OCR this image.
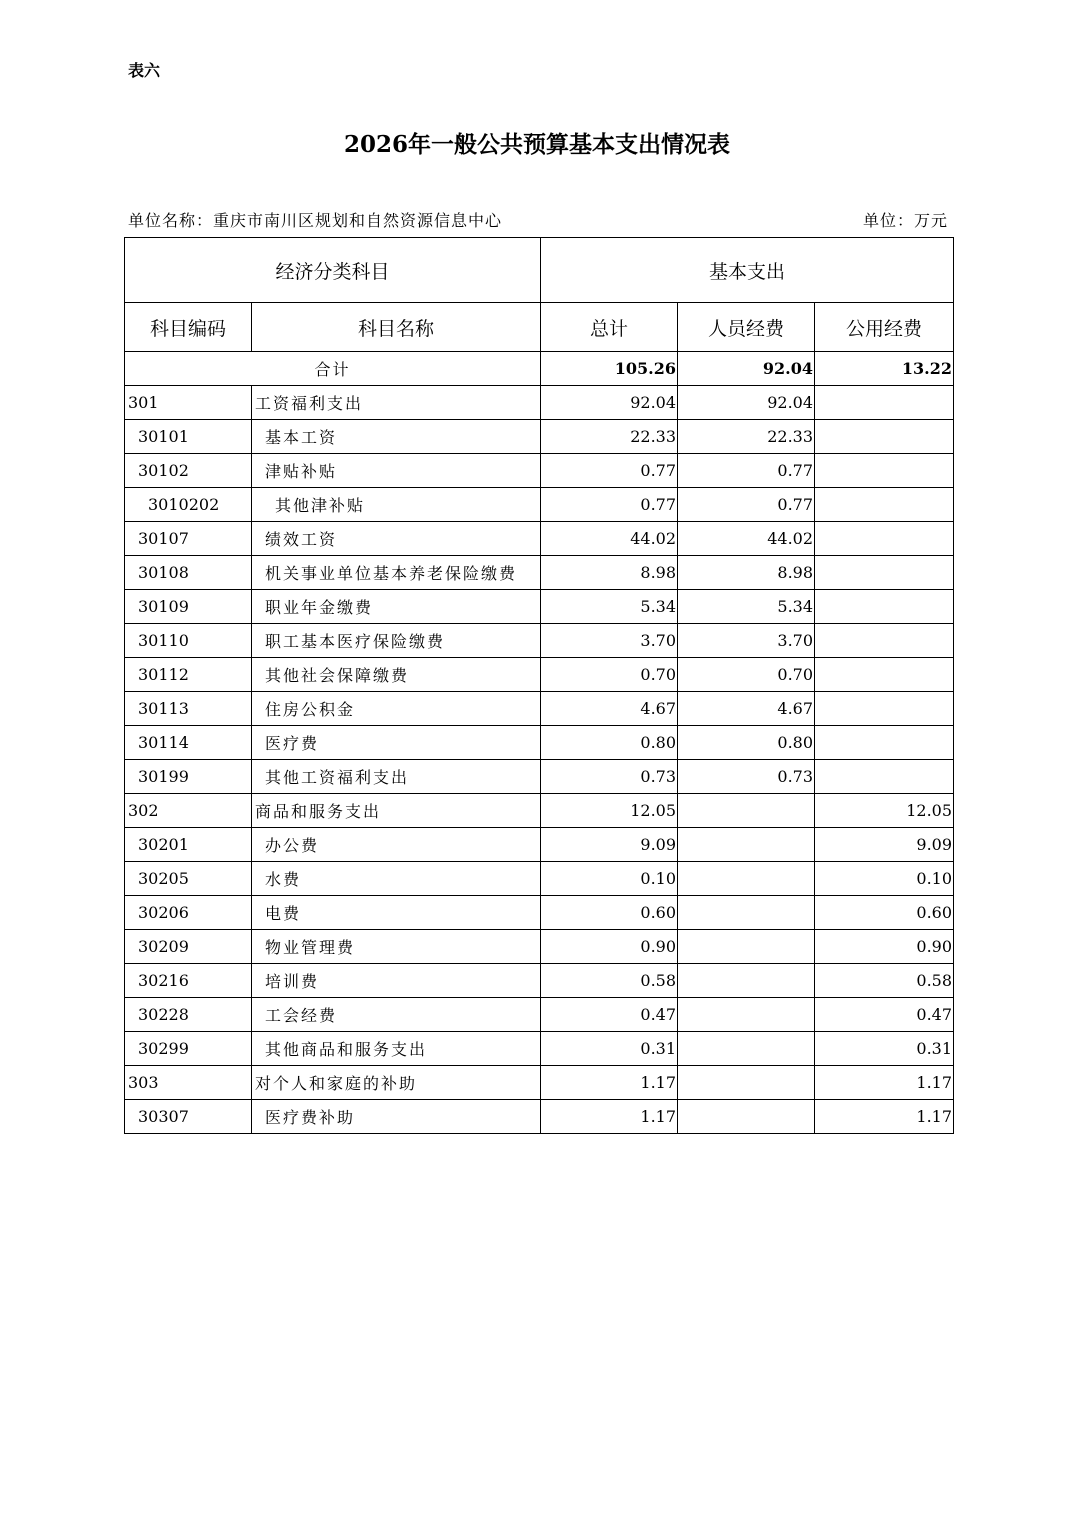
表六
2026年一般公共预算基本支出情况表
单位名称：重庆市南川区规划和自然资源信息中心	单位：万元
经济分类科目		基本支出		
科目编码	科目名称	总计	人员经费	公用经费
合计		105.26	92.04	13.22
301	工资福利支出	92.04	92.04	
30101	基本工资	22.33	22.33	
30102	津贴补贴	0.77	0.77	
3010202	其他津补贴	0.77	0.77	
30107	绩效工资	44.02	44.02	
30108	机关事业单位基本养老保险缴费	8.98	8.98	
30109	职业年金缴费	5.34	5.34	
30110	职工基本医疗保险缴费	3.70	3.70	
30112	其他社会保障缴费	0.70	0.70	
30113	住房公积金	4.67	4.67	
30114	医疗费	0.80	0.80	
30199	其他工资福利支出	0.73	0.73	
302	商品和服务支出	12.05		12.05
30201	办公费	9.09		9.09
30205	水费	0.10		0.10
30206	电费	0.60		0.60
30209	物业管理费	0.90		0.90
30216	培训费	0.58		0.58
30228	工会经费	0.47		0.47
30299	其他商品和服务支出	0.31		0.31
303	对个人和家庭的补助	1.17		1.17
30307	医疗费补助	1.17		1.17
